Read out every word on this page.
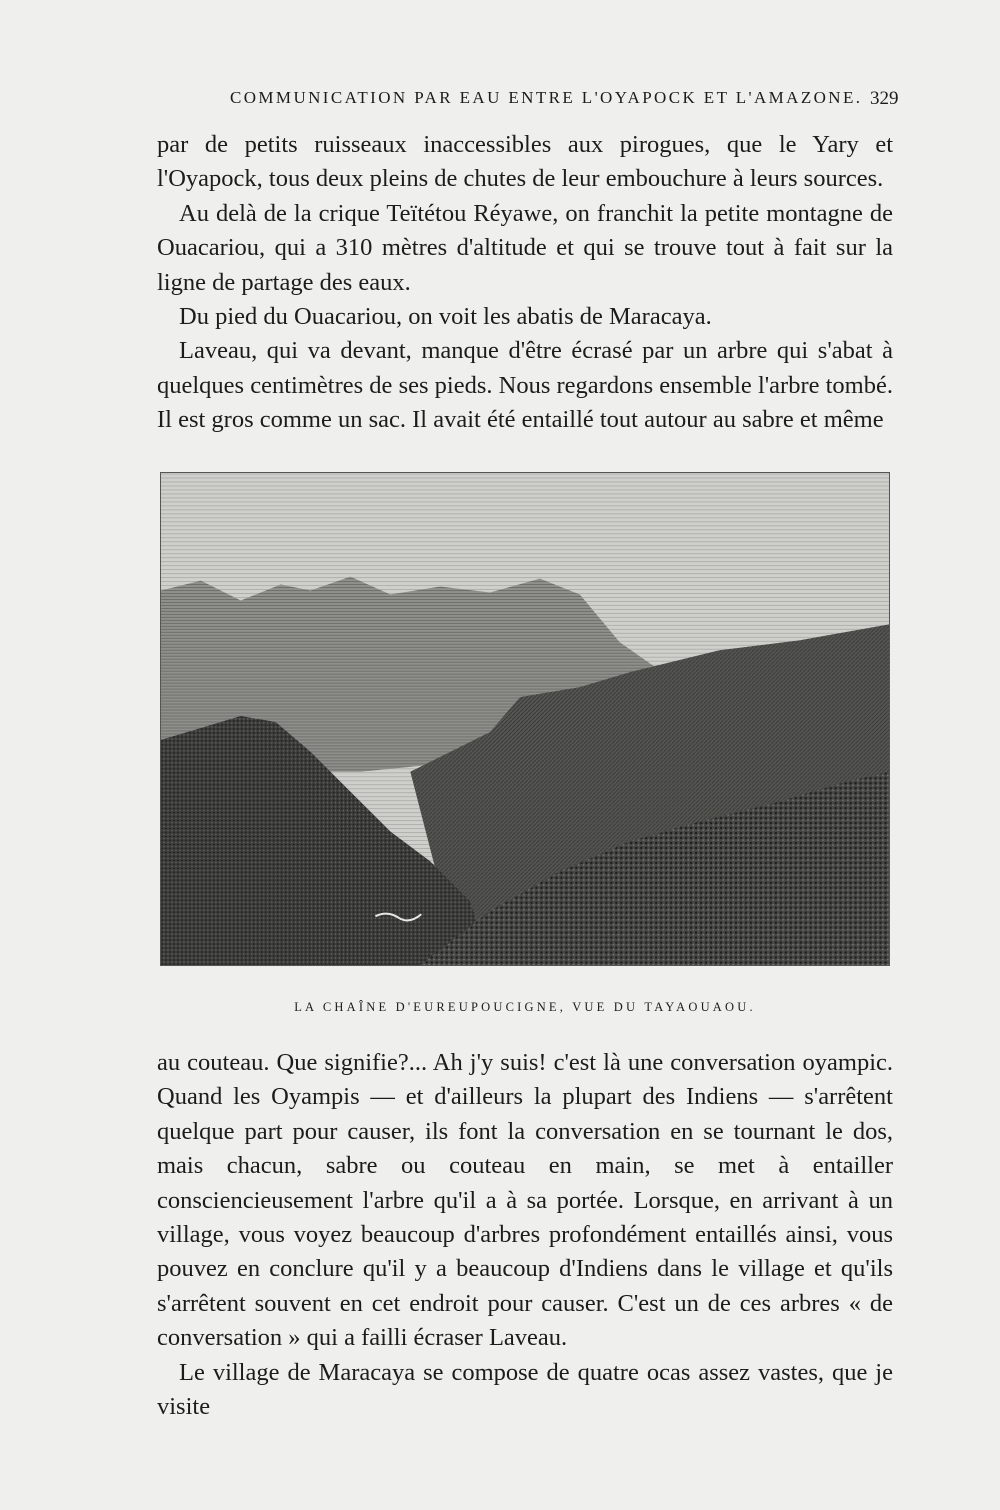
COMMUNICATION PAR EAU ENTRE L'OYAPOCK ET L'AMAZONE. 329

par de petits ruisseaux inaccessibles aux pirogues, que le Yary et l'Oyapock, tous deux pleins de chutes de leur embouchure à leurs sources.

Au delà de la crique Teïtétou Réyawe, on franchit la petite montagne de Ouacariou, qui a 310 mètres d'altitude et qui se trouve tout à fait sur la ligne de partage des eaux.

Du pied du Ouacariou, on voit les abatis de Maracaya.

Laveau, qui va devant, manque d'être écrasé par un arbre qui s'abat à quelques centimètres de ses pieds. Nous regardons ensemble l'arbre tombé. Il est gros comme un sac. Il avait été entaillé tout autour au sabre et même

LA CHAÎNE D'EUREUPOUCIGNE, VUE DU TAYAOUAOU.

au couteau. Que signifie?... Ah j'y suis! c'est là une conversation oyampic. Quand les Oyampis — et d'ailleurs la plupart des Indiens — s'arrêtent quelque part pour causer, ils font la conversation en se tournant le dos, mais chacun, sabre ou couteau en main, se met à entailler consciencieusement l'arbre qu'il a à sa portée. Lorsque, en arrivant à un village, vous voyez beaucoup d'arbres profondément entaillés ainsi, vous pouvez en conclure qu'il y a beaucoup d'Indiens dans le village et qu'ils s'arrêtent souvent en cet endroit pour causer. C'est un de ces arbres « de conversation » qui a failli écraser Laveau.

Le village de Maracaya se compose de quatre ocas assez vastes, que je visite
